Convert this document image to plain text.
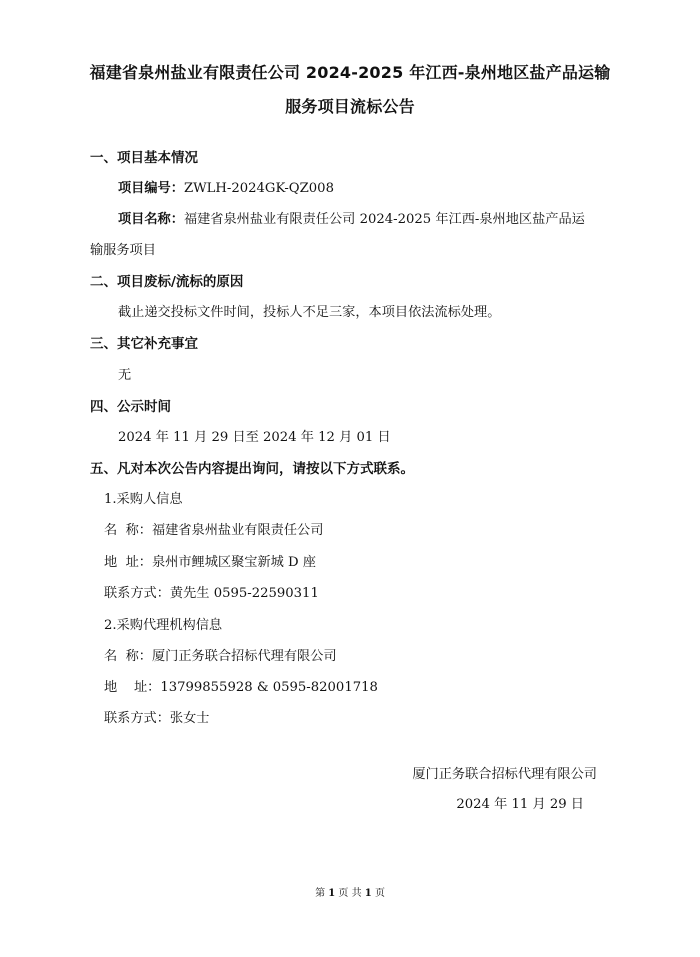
福建省泉州盐业有限责任公司 2024-2025 年江西-泉州地区盐产品运输
服务项目流标公告
一、项目基本情况
项目编号：ZWLH-2024GK-QZ008
项目名称：福建省泉州盐业有限责任公司 2024-2025 年江西-泉州地区盐产品运
输服务项目
二、项目废标/流标的原因
截止递交投标文件时间，投标人不足三家，本项目依法流标处理。
三、其它补充事宜
无
四、公示时间
2024 年 11 月 29 日至 2024 年 12 月 01 日
五、凡对本次公告内容提出询问，请按以下方式联系。
1.采购人信息
名  称：福建省泉州盐业有限责任公司
地  址：泉州市鲤城区聚宝新城 D 座
联系方式：黄先生 0595-22590311
2.采购代理机构信息
名  称：厦门正务联合招标代理有限公司
地    址：13799855928 & 0595-82001718
联系方式：张女士
厦门正务联合招标代理有限公司
2024 年 11 月 29 日
第 1 页 共 1 页
